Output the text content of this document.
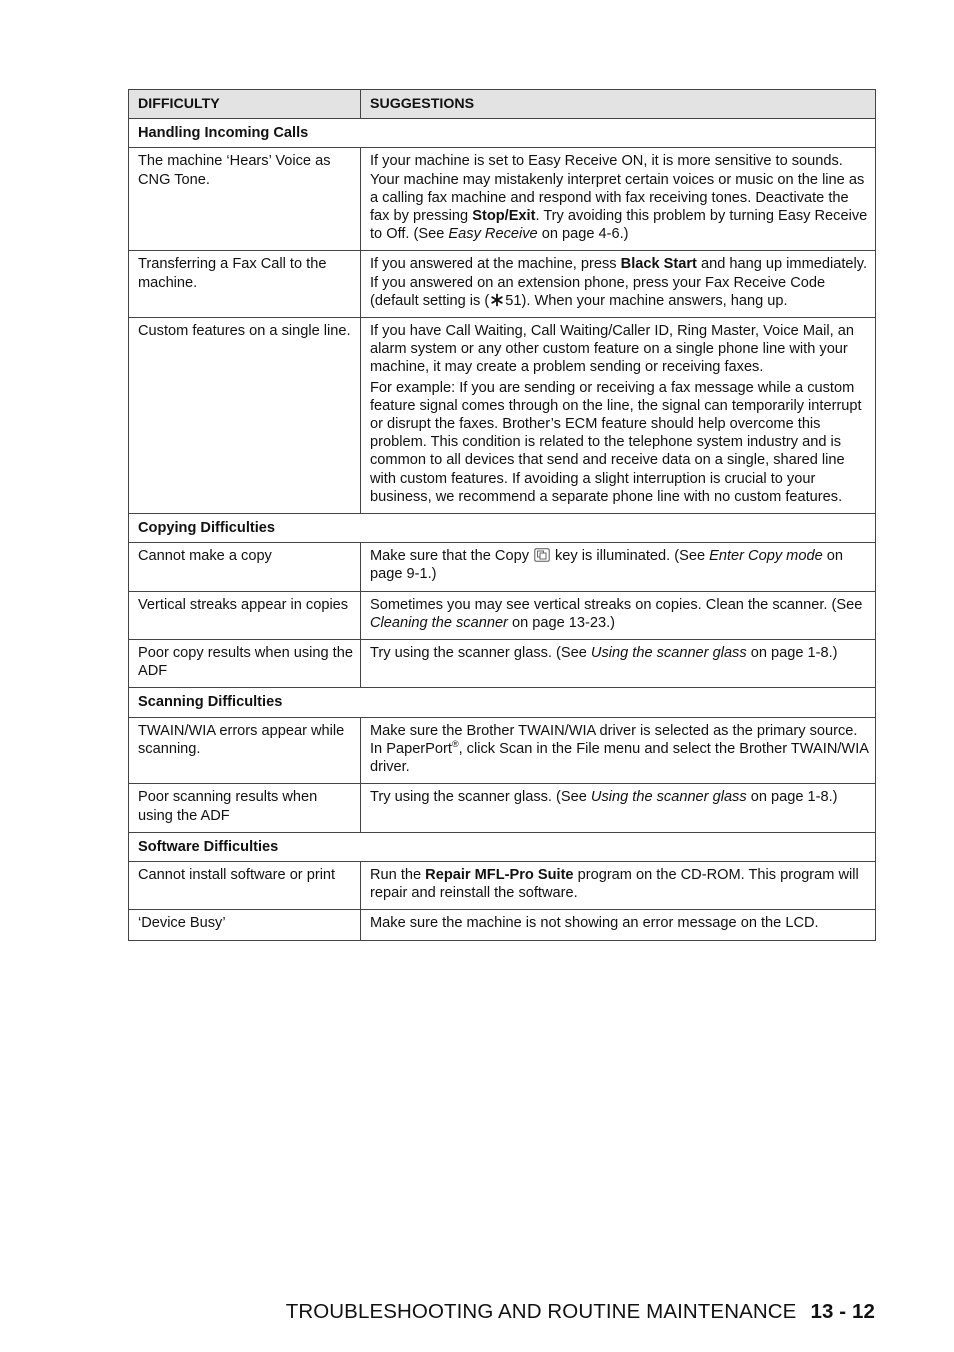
DIFFICULTY	SUGGESTIONS
Handling Incoming Calls	
The machine ‘Hears’ Voice as CNG Tone.	If your machine is set to Easy Receive ON, it is more sensitive to sounds. Your machine may mistakenly interpret certain voices or music on the line as a calling fax machine and respond with fax receiving tones. Deactivate the fax by pressing Stop/Exit. Try avoiding this problem by turning Easy Receive to Off. (See Easy Receive on page 4-6.)
Transferring a Fax Call to the machine.	If you answered at the machine, press Black Start and hang up immediately. If you answered on an extension phone, press your Fax Receive Code (default setting is ( 51). When your machine answers, hang up.
Custom features on a single line.	If you have Call Waiting, Call Waiting/Caller ID, Ring Master, Voice Mail, an alarm system or any other custom feature on a single phone line with your machine, it may create a problem sending or receiving faxes.

For example: If you are sending or receiving a fax message while a custom feature signal comes through on the line, the signal can temporarily interrupt or disrupt the faxes. Brother’s ECM feature should help overcome this problem. This condition is related to the telephone system industry and is common to all devices that send and receive data on a single, shared line with custom features. If avoiding a slight interruption is crucial to your business, we recommend a separate phone line with no custom features.

Copying Difficulties	
Cannot make a copy	Make sure that the Copy key is illuminated. (See Enter Copy mode on page 9-1.)
Vertical streaks appear in copies	Sometimes you may see vertical streaks on copies. Clean the scanner. (See Cleaning the scanner on page 13-23.)
Poor copy results when using the ADF	Try using the scanner glass. (See Using the scanner glass on page 1-8.)
Scanning Difficulties	
TWAIN/WIA errors appear while scanning.	Make sure the Brother TWAIN/WIA driver is selected as the primary source. In PaperPort®, click Scan in the File menu and select the Brother TWAIN/WIA driver.
Poor scanning results when using the ADF	Try using the scanner glass. (See Using the scanner glass on page 1-8.)
Software Difficulties	
Cannot install software or print	Run the Repair MFL-Pro Suite program on the CD-ROM. This program will repair and reinstall the software.
‘Device Busy’	Make sure the machine is not showing an error message on the LCD.
TROUBLESHOOTING AND ROUTINE MAINTENANCE 13 - 12
